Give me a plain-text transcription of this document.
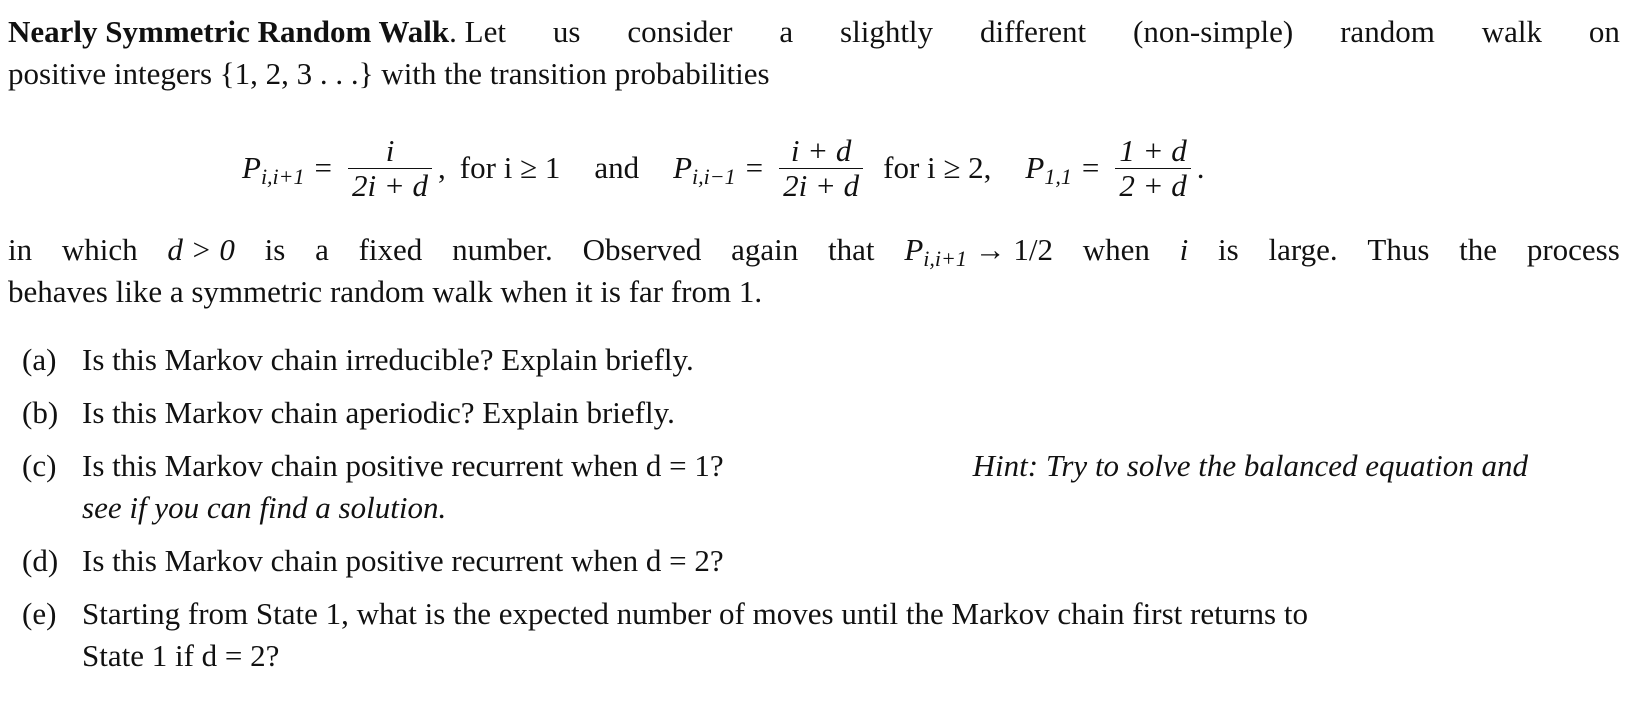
Nearly Symmetric Random Walk. Let us consider a slightly different (non-simple) random walk on
positive integers {1, 2, 3 . . .} with the transition probabilities
$P_{i,i+1} = \frac{i}{2i + d}$ , for i ≥ 1 and $P_{i,i-1} = \frac{i + d}{2i + d}$ for i ≥ 2, $P_{1,1} = \frac{1 + d}{2 + d}$ .
in which d > 0 is a fixed number. Observed again that $P_{i,i+1} \to 1/2$ when i is large. Thus the process
behaves like a symmetric random walk when it is far from 1.
(a) Is this Markov chain irreducible? Explain briefly.
(b) Is this Markov chain aperiodic? Explain briefly.
(c) Is this Markov chain positive recurrent when d = 1?	Hint: Try to solve the balanced equation and
see if you can find a solution.
(d) Is this Markov chain positive recurrent when d = 2?
(e) Starting from State 1, what is the expected number of moves until the Markov chain first returns to
State 1 if d = 2?
